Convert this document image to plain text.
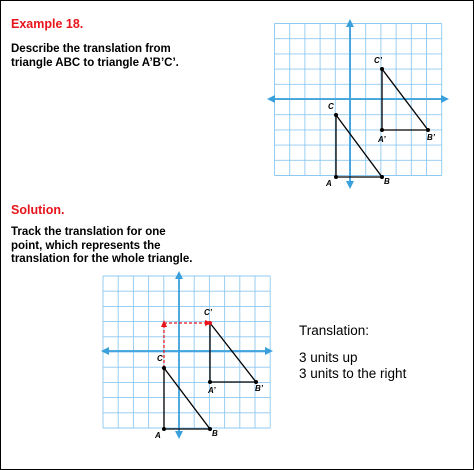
Example 18.
Describe the translation from
triangle ABC to triangle A’B’C’.
Solution.
Track the translation for one
point, which represents the
translation for the whole triangle.
Translation:
3 units up
3 units to the right
C
A	B
C’
A’	B’
C
A	B
C’
A’	B’
